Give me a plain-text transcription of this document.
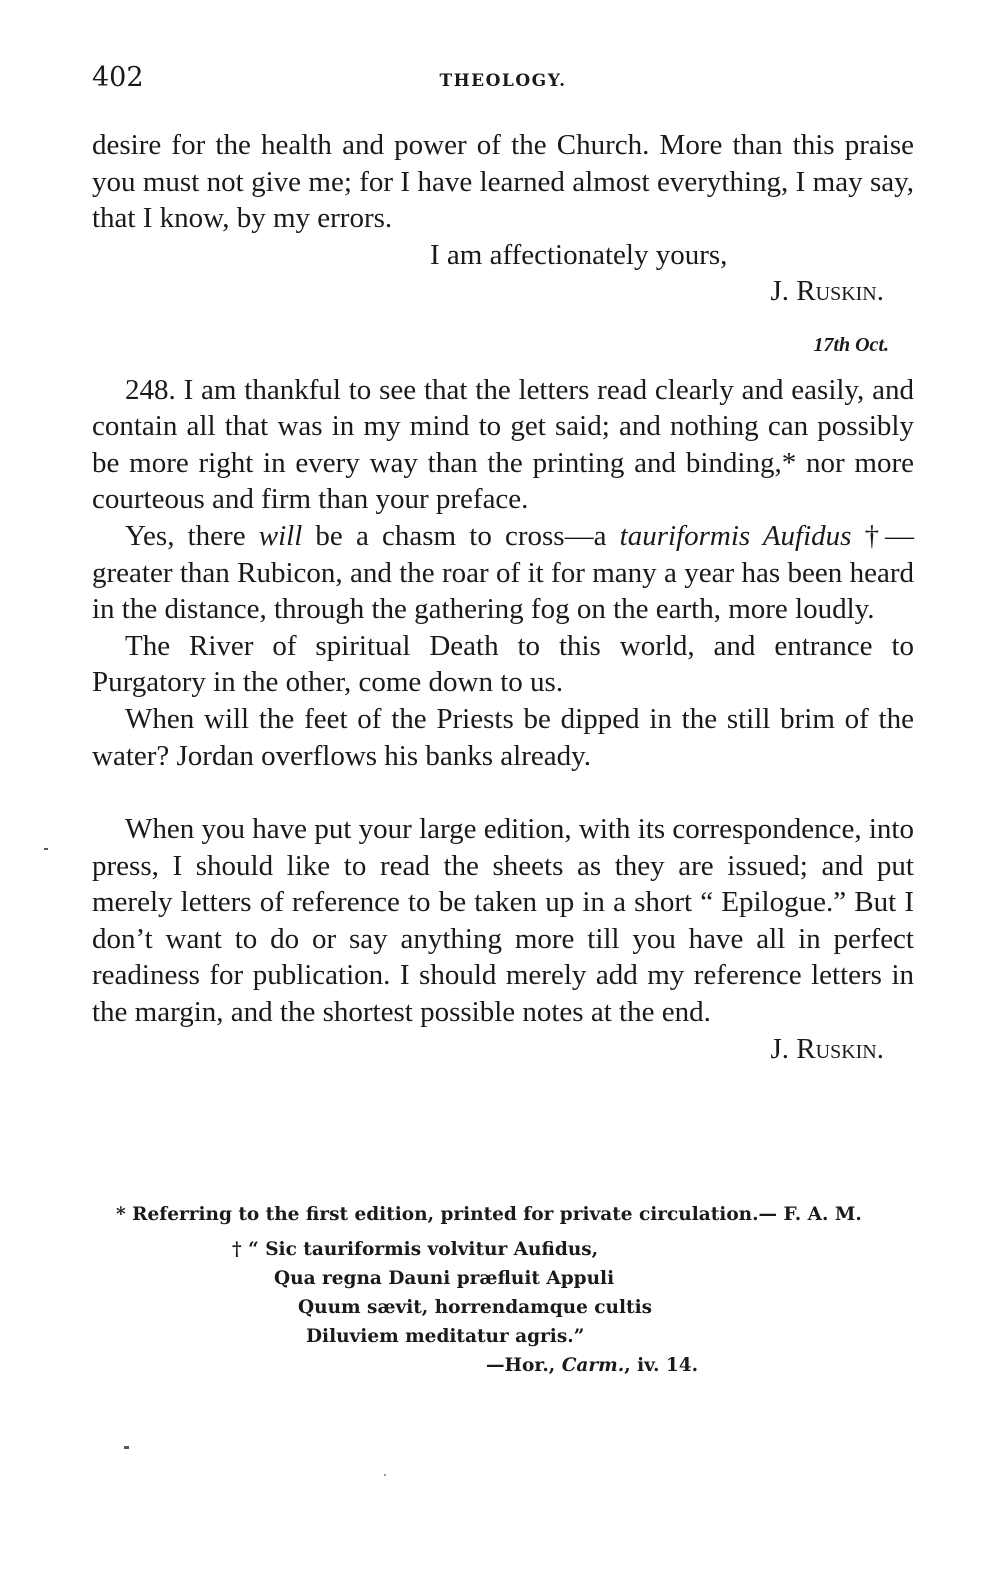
402	THEOLOGY.

desire for the health and power of the Church. More than this praise you must not give me; for I have learned almost everything, I may say, that I know, by my errors.

I am affectionately yours,
J. Ruskin.
17th Oct.

248. I am thankful to see that the letters read clearly and easily, and contain all that was in my mind to get said; and nothing can possibly be more right in every way than the printing and binding,* nor more courteous and firm than your preface.

Yes, there will be a chasm to cross—a tauriformis Aufidus †—greater than Rubicon, and the roar of it for many a year has been heard in the distance, through the gathering fog on the earth, more loudly.

The River of spiritual Death to this world, and entrance to Purgatory in the other, come down to us.

When will the feet of the Priests be dipped in the still brim of the water? Jordan overflows his banks already.

When you have put your large edition, with its correspondence, into press, I should like to read the sheets as they are issued; and put merely letters of reference to be taken up in a short “ Epilogue.” But I don’t want to do or say anything more till you have all in perfect readiness for publication. I should merely add my reference letters in the margin, and the shortest possible notes at the end.

J. Ruskin.

* Referring to the first edition, printed for private circulation.— F. A. M.

† “ Sic tauriformis volvitur Aufidus,
Qua regna Dauni præfluit Appuli
Quum sævit, horrendamque cultis
Diluviem meditatur agris.”
—Hor., Carm., iv. 14.
